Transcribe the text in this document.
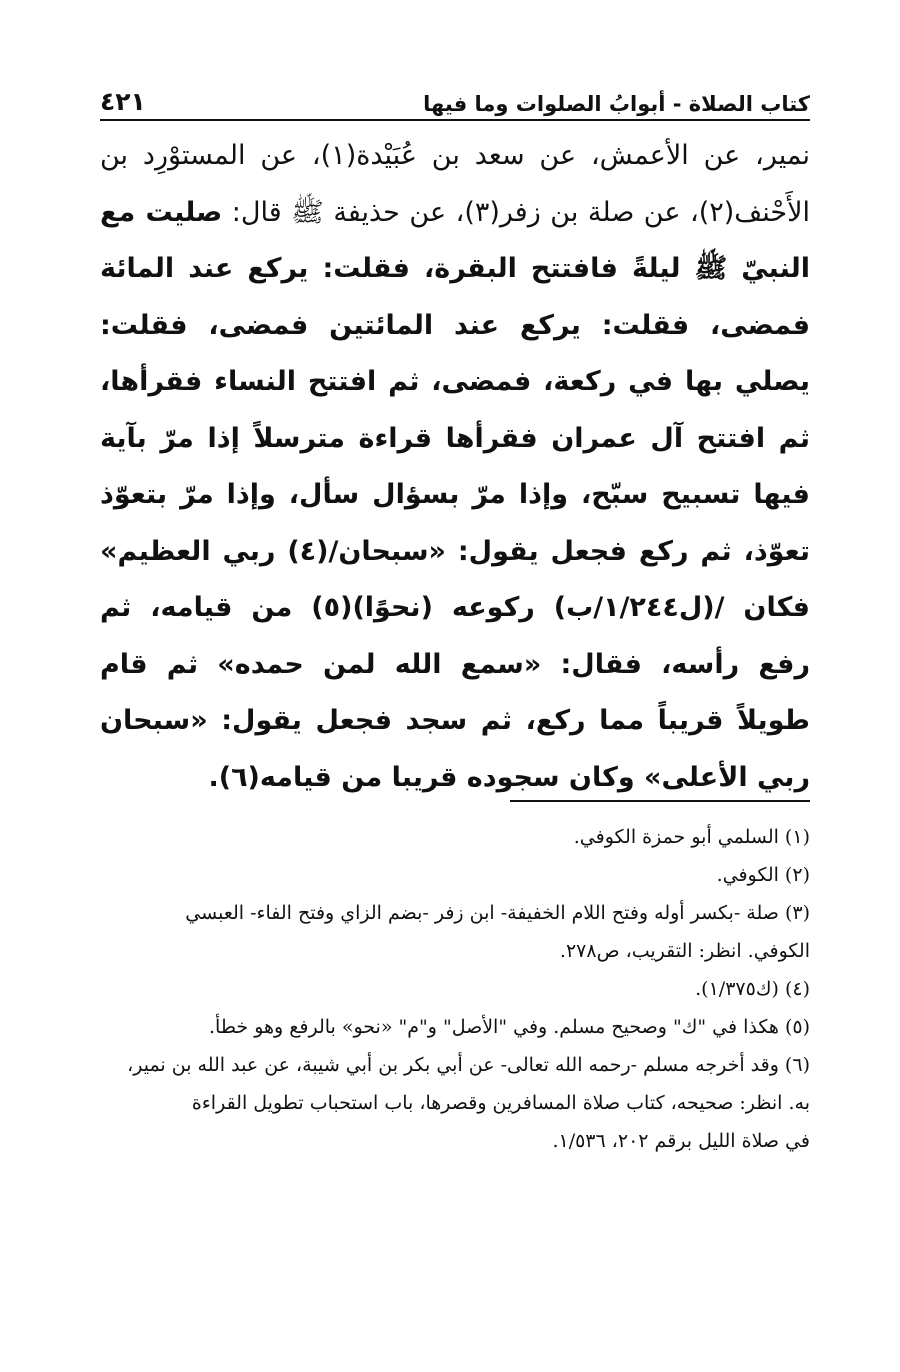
كتاب الصلاة - أبوابُ الصلوات وما فيها
٤٢١

نمير، عن الأعمش، عن سعد بن عُبَيْدة(١)، عن المستوْرِد بن الأَحْنف(٢)، عن صلة بن زفر(٣)، عن حذيفة ﷺ قال: صليت مع النبيّ ﷺ ليلةً فافتتح البقرة، فقلت: يركع عند المائة فمضى، فقلت: يركع عند المائتين فمضى، فقلت: يصلي بها في ركعة، فمضى، ثم افتتح النساء فقرأها، ثم افتتح آل عمران فقرأها قراءة مترسلاً إذا مرّ بآية فيها تسبيح سبّح، وإذا مرّ بسؤال سأل، وإذا مرّ بتعوّذ تعوّذ، ثم ركع فجعل يقول: «سبحان/(٤) ربي العظيم» فكان /(ل١/٢٤٤/ب) ركوعه (نحوًا)(٥) من قيامه، ثم رفع رأسه، فقال: «سمع الله لمن حمده» ثم قام طويلاً قريباً مما ركع، ثم سجد فجعل يقول: «سبحان ربي الأعلى» وكان سجوده قريبا من قيامه(٦).

(١) السلمي أبو حمزة الكوفي.
(٢) الكوفي.
(٣) صلة -بكسر أوله وفتح اللام الخفيفة- ابن زفر -بضم الزاي وفتح الفاء- العبسي
الكوفي. انظر: التقريب، ص٢٧٨.
(٤) (ك١/٣٧٥).
(٥) هكذا في "ك" وصحيح مسلم. وفي "الأصل" و"م" «نحو» بالرفع وهو خطأ.
(٦) وقد أخرجه مسلم -رحمه الله تعالى- عن أبي بكر بن أبي شيبة، عن عبد الله بن نمير،
به. انظر: صحيحه، كتاب صلاة المسافرين وقصرها، باب استحباب تطويل القراءة
في صلاة الليل برقم ٢٠٢، ١/٥٣٦.
